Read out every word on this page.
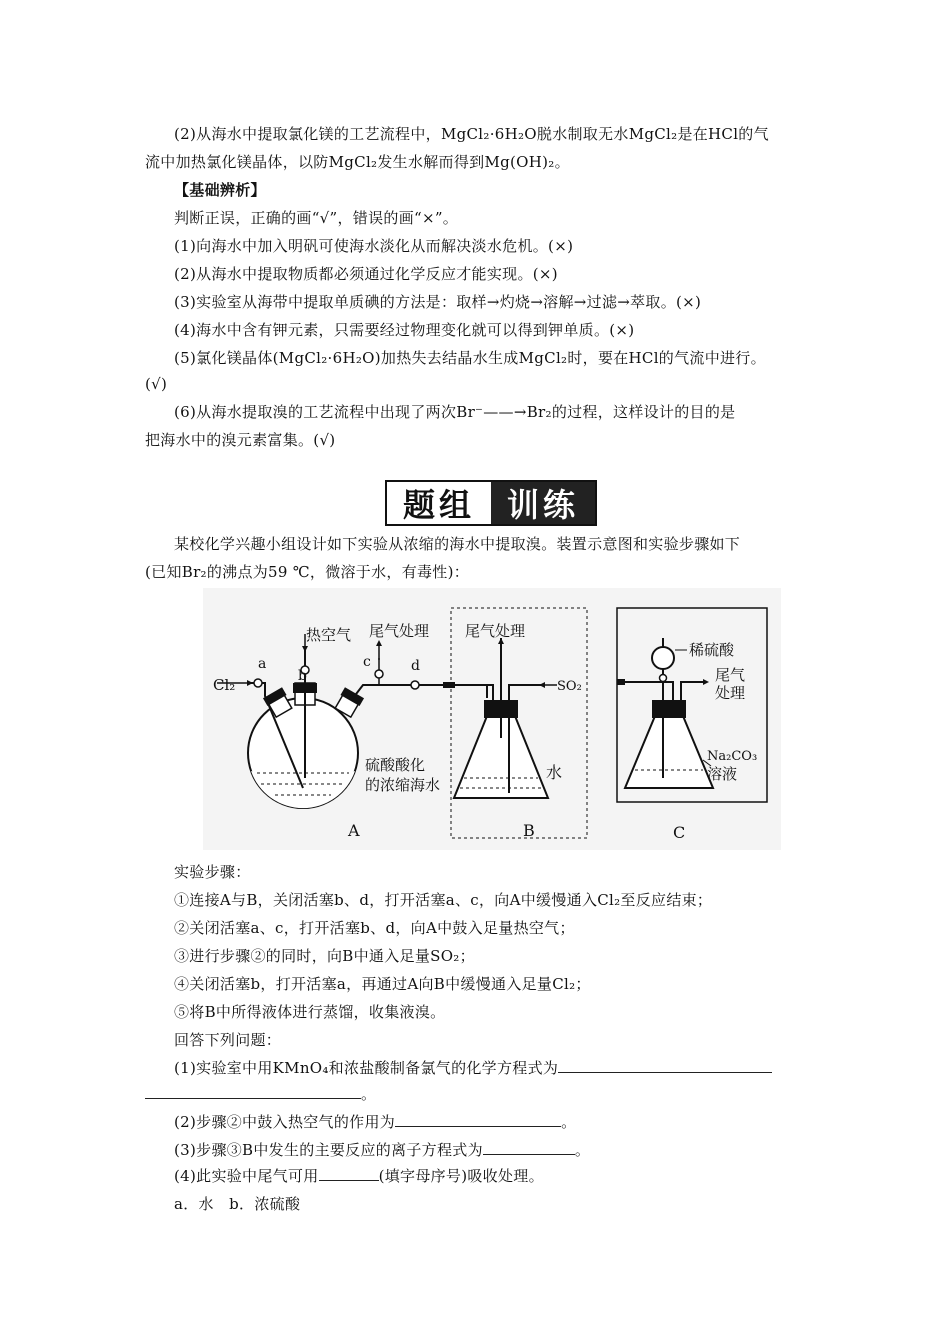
(2)从海水中提取氯化镁的工艺流程中，MgCl₂·6H₂O脱水制取无水MgCl₂是在HCl的气
流中加热氯化镁晶体，以防MgCl₂发生水解而得到Mg(OH)₂。
【基础辨析】
判断正误，正确的画“√”，错误的画“×”。
(1)向海水中加入明矾可使海水淡化从而解决淡水危机。(×)
(2)从海水中提取物质都必须通过化学反应才能实现。(×)
(3)实验室从海带中提取单质碘的方法是：取样→灼烧→溶解→过滤→萃取。(×)
(4)海水中含有钾元素，只需要经过物理变化就可以得到钾单质。(×)
(5)氯化镁晶体(MgCl₂·6H₂O)加热失去结晶水生成MgCl₂时，要在HCl的气流中进行。
(√)
(6)从海水提取溴的工艺流程中出现了两次Br⁻——→Br₂的过程，这样设计的目的是
把海水中的溴元素富集。(√)
题组 训练
某校化学兴趣小组设计如下实验从浓缩的海水中提取溴。装置示意图和实验步骤如下
(已知Br₂的沸点为59 ℃，微溶于水，有毒性)：
Cl₂
a
b
c	d
热空气 尾气处理 尾气处理
SO₂
水
硫酸酸化
的浓缩海水
稀硫酸
尾气
处理
Na₂CO₃
溶液
A	B	C
实验步骤：
①连接A与B，关闭活塞b、d，打开活塞a、c，向A中缓慢通入Cl₂至反应结束；
②关闭活塞a、c，打开活塞b、d，向A中鼓入足量热空气；
③进行步骤②的同时，向B中通入足量SO₂；
④关闭活塞b，打开活塞a，再通过A向B中缓慢通入足量Cl₂；
⑤将B中所得液体进行蒸馏，收集液溴。
回答下列问题：
(1)实验室中用KMnO₄和浓盐酸制备氯气的化学方程式为
。
(2)步骤②中鼓入热空气的作用为	。
(3)步骤③B中发生的主要反应的离子方程式为	。
(4)此实验中尾气可用	(填字母序号)吸收处理。
a．水　b．浓硫酸
